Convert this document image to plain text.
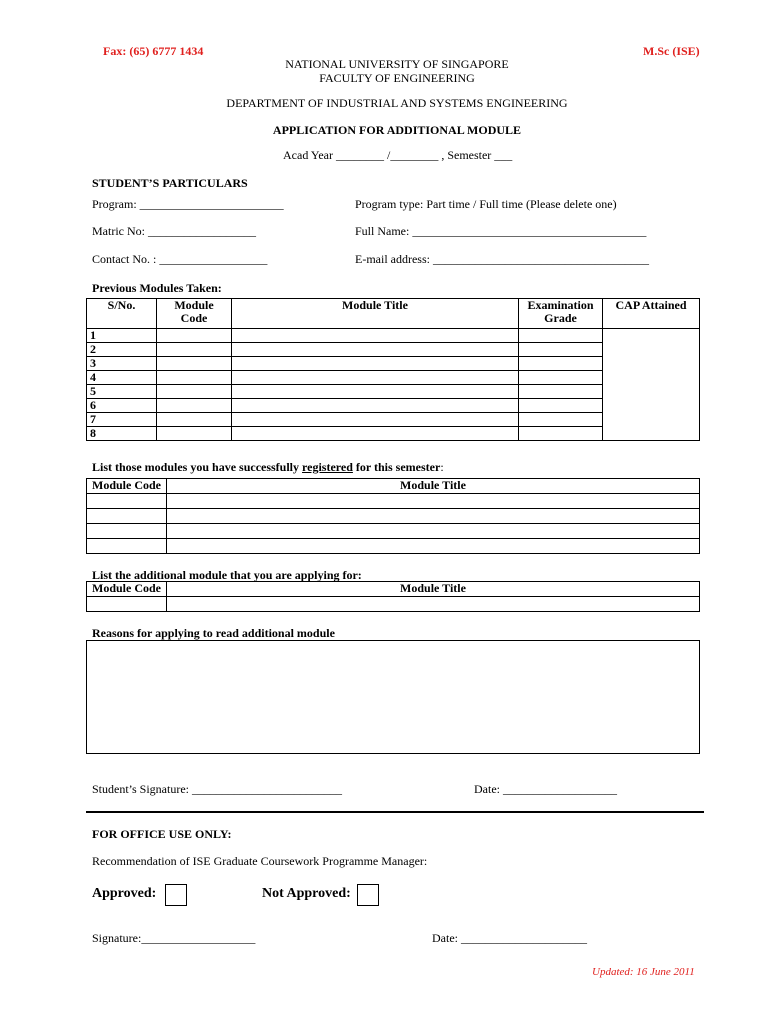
Fax: (65) 6777 1434	M.Sc (ISE)
NATIONAL UNIVERSITY OF SINGAPORE
FACULTY OF ENGINEERING
DEPARTMENT OF INDUSTRIAL AND SYSTEMS ENGINEERING
APPLICATION FOR ADDITIONAL MODULE
Acad Year ________ /________ , Semester ___
STUDENT’S PARTICULARS
Program: ________________________	Program type: Part time / Full time (Please delete one)
Matric No: __________________	Full Name: _______________________________________
Contact No. : __________________	E-mail address: ____________________________________
Previous Modules Taken:
S/No.	Module Code	Module Title	Examination Grade	CAP Attained
1				
2				
3				
4				
5				
6				
7				
8				
List those modules you have successfully registered for this semester:
Module Code	Module Title

List the additional module that you are applying for:
Module Code	Module Title

Reasons for applying to read additional module
Student’s Signature: _________________________	Date: ___________________
FOR OFFICE USE ONLY:
Recommendation of ISE Graduate Coursework Programme Manager:
Approved:	Not Approved:
Signature:___________________	Date: _____________________
Updated: 16 June 2011
